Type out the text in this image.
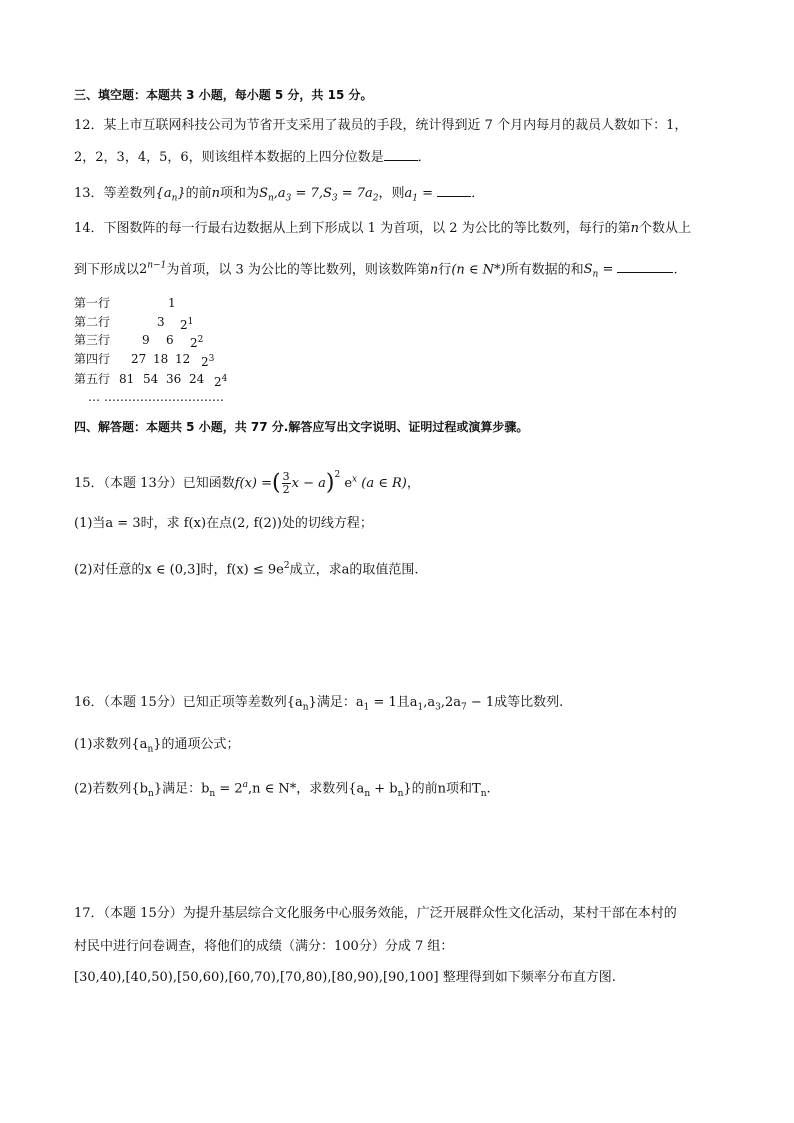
三、填空题：本题共 3 小题，每小题 5 分，共 15 分。
12．某上市互联网科技公司为节省开支采用了裁员的手段，统计得到近 7 个月内每月的裁员人数如下：1，
2，2，3，4，5，6，则该组样本数据的上四分位数是	．
13．等差数列$\{a_n\}$的前n项和为$S_n,a_3 = 7,S_3 = 7a_2$，则$a_1$ =	．
14．下图数阵的每一行最右边数据从上到下形成以 1 为首项，以 2 为公比的等比数列，每行的第n个数从上
到下形成以$2^{n-1}$为首项，以 3 为公比的等比数列，则该数阵第n行(n ∈ N*)所有数据的和$S_n$ =	.
第一行	1
第二行	3 $2^1$
第三行	9 6 $2^2$
第四行 27 18 12 $2^3$
第五行 81 54 36 24 $2^4$
… …………………………
四、解答题：本题共 5 小题，共 77 分.解答应写出文字说明、证明过程或演算步骤。
15．（本题 13分）已知函数f(x) =( $\frac{3}{2}$ x − a)$^2$ $e^x$ (a ∈ R)，
(1)当a = 3时，求 f(x)在点(2, f(2))处的切线方程；
(2)对任意的x ∈ (0,3]时，$f(x) \le 9e^2$成立，求a的取值范围.
16．（本题 15分）已知正项等差数列$\{a_n\}$满足：$a_1 = 1$且$a_1,a_3,2a_7 - 1$成等比数列.
(1)求数列$\{a_n\}$的通项公式；
(2)若数列$\{b_n\}$满足：$b_n = 2^a,n$ ∈ N*，求数列$\{a_n + b_n\}$的前n项和$T_n$.
17．（本题 15分）为提升基层综合文化服务中心服务效能，广泛开展群众性文化活动，某村干部在本村的
村民中进行问卷调查，将他们的成绩（满分：100分）分成 7 组：
[30,40),[40,50),[50,60),[60,70),[70,80),[80,90),[90,100] 整理得到如下频率分布直方图.
